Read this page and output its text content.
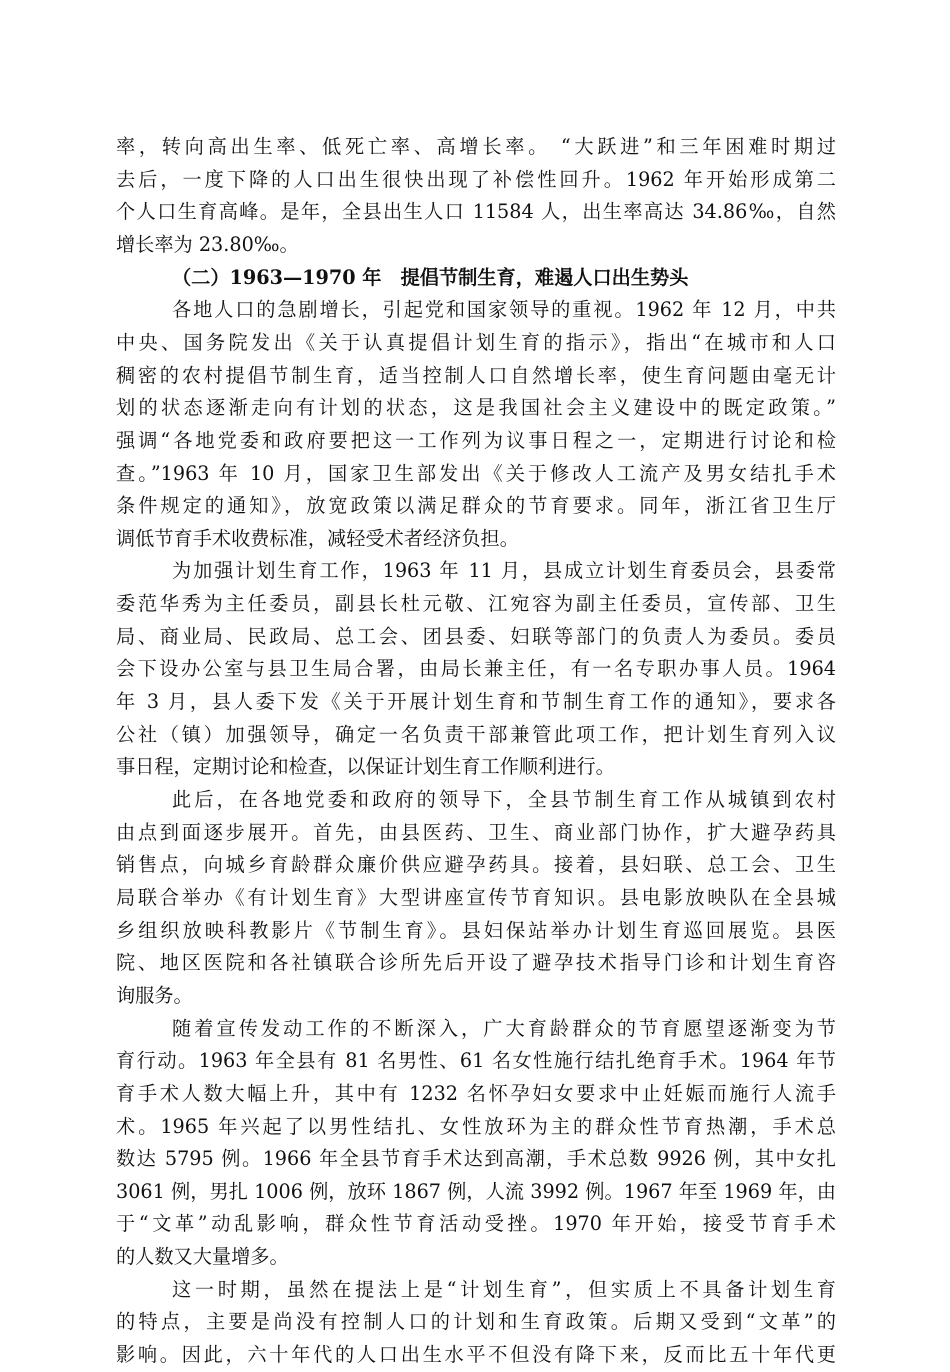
率，转向高出生率、低死亡率、高增长率。 “大跃进”和三年困难时期过
去后，一度下降的人口出生很快出现了补偿性回升。1962 年开始形成第二
个人口生育高峰。是年，全县出生人口 11584 人，出生率高达 34.86‰，自然
增长率为 23.80‰。
（二）1963—1970 年　提倡节制生育，难遏人口出生势头
各地人口的急剧增长，引起党和国家领导的重视。1962 年 12 月，中共
中央、国务院发出《关于认真提倡计划生育的指示》，指出“在城市和人口
稠密的农村提倡节制生育，适当控制人口自然增长率，使生育问题由毫无计
划的状态逐渐走向有计划的状态，这是我国社会主义建设中的既定政策。”
强调“各地党委和政府要把这一工作列为议事日程之一，定期进行讨论和检
查。”1963 年 10 月，国家卫生部发出《关于修改人工流产及男女结扎手术
条件规定的通知》，放宽政策以满足群众的节育要求。同年，浙江省卫生厅
调低节育手术收费标准，减轻受术者经济负担。
为加强计划生育工作，1963 年 11 月，县成立计划生育委员会，县委常
委范华秀为主任委员，副县长杜元敬、江宛容为副主任委员，宣传部、卫生
局、商业局、民政局、总工会、团县委、妇联等部门的负责人为委员。委员
会下设办公室与县卫生局合署，由局长兼主任，有一名专职办事人员。1964
年 3 月，县人委下发《关于开展计划生育和节制生育工作的通知》，要求各
公社（镇）加强领导，确定一名负责干部兼管此项工作，把计划生育列入议
事日程，定期讨论和检查，以保证计划生育工作顺利进行。
此后，在各地党委和政府的领导下，全县节制生育工作从城镇到农村
由点到面逐步展开。首先，由县医药、卫生、商业部门协作，扩大避孕药具
销售点，向城乡育龄群众廉价供应避孕药具。接着，县妇联、总工会、卫生
局联合举办《有计划生育》大型讲座宣传节育知识。县电影放映队在全县城
乡组织放映科教影片《节制生育》。县妇保站举办计划生育巡回展览。县医
院、地区医院和各社镇联合诊所先后开设了避孕技术指导门诊和计划生育咨
询服务。
随着宣传发动工作的不断深入，广大育龄群众的节育愿望逐渐变为节
育行动。1963 年全县有 81 名男性、61 名女性施行结扎绝育手术。1964 年节
育手术人数大幅上升，其中有 1232 名怀孕妇女要求中止妊娠而施行人流手
术。1965 年兴起了以男性结扎、女性放环为主的群众性节育热潮，手术总
数达 5795 例。1966 年全县节育手术达到高潮，手术总数 9926 例，其中女扎
3061 例，男扎 1006 例，放环 1867 例，人流 3992 例。1967 年至 1969 年，由
于“文革”动乱影响，群众性节育活动受挫。1970 年开始，接受节育手术
的人数又大量增多。
这一时期，虽然在提法上是“计划生育”，但实质上不具备计划生育
的特点，主要是尚没有控制人口的计划和生育政策。后期又受到“文革”的
影响。因此，六十年代的人口出生水平不但没有降下来，反而比五十年代更
